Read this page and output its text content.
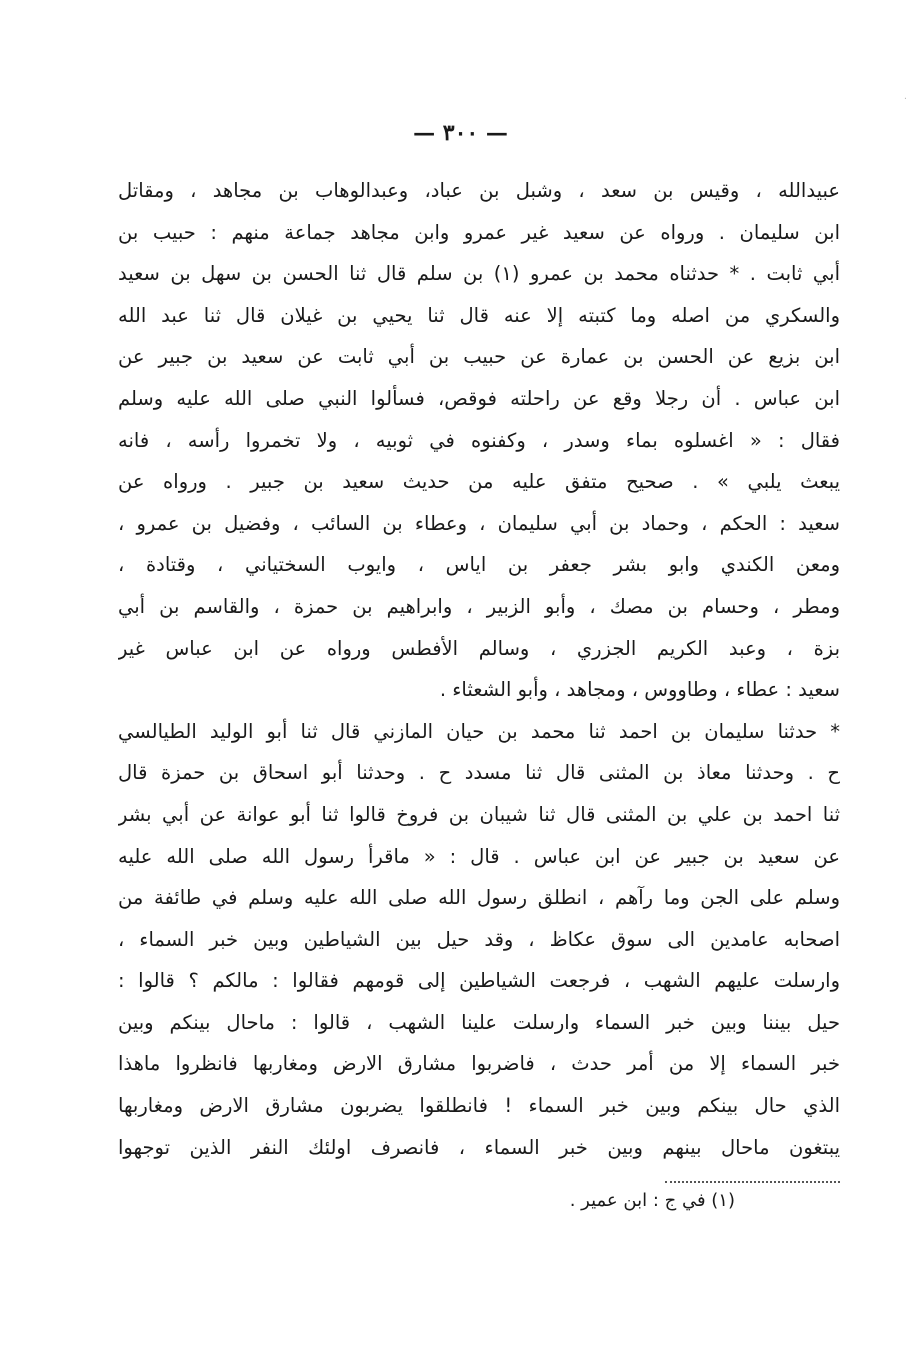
·
— ٣٠٠ —
عبيدالله ، وقيس بن سعد ، وشبل بن عباد، وعبدالوهاب بن مجاهد ، ومقاتل
ابن سليمان . ورواه عن سعيد غير عمرو وابن مجاهد جماعة منهم : حبيب بن
أبي ثابت . * حدثناه محمد بن عمرو (١) بن سلم قال ثنا الحسن بن سهل بن سعيد
والسكري من اصله وما كتبته إلا عنه قال ثنا يحيي بن غيلان قال ثنا عبد الله
ابن بزيع عن الحسن بن عمارة عن حبيب بن أبي ثابت عن سعيد بن جبير عن
ابن عباس . أن رجلا وقع عن راحلته فوقص، فسألوا النبي صلى الله عليه وسلم
فقال : « اغسلوه بماء وسدر ، وكفنوه في ثوبيه ، ولا تخمروا رأسه ، فانه
يبعث يلبي » . صحيح متفق عليه من حديث سعيد بن جبير . ورواه عن
سعيد : الحكم ، وحماد بن أبي سليمان ، وعطاء بن السائب ، وفضيل بن عمرو ،
ومعن الكندي وابو بشر جعفر بن اياس ، وايوب السختياني ، وقتادة ،
ومطر ، وحسام بن مصك ، وأبو الزبير ، وابراهيم بن حمزة ، والقاسم بن أبي
بزة ، وعبد الكريم الجزري ، وسالم الأفطس ورواه عن ابن عباس غير
سعيد : عطاء ، وطاووس ، ومجاهد ، وأبو الشعثاء .
* حدثنا سليمان بن احمد ثنا محمد بن حيان المازني قال ثنا أبو الوليد الطيالسي
ح . وحدثنا معاذ بن المثنى قال ثنا مسدد ح . وحدثنا أبو اسحاق بن حمزة قال
ثنا احمد بن علي بن المثنى قال ثنا شيبان بن فروخ قالوا ثنا أبو عوانة عن أبي بشر
عن سعيد بن جبير عن ابن عباس . قال : « ماقرأ رسول الله صلى الله عليه
وسلم على الجن وما رآهم ، انطلق رسول الله صلى الله عليه وسلم في طائفة من
اصحابه عامدين الى سوق عكاظ ، وقد حيل بين الشياطين وبين خبر السماء ،
وارسلت عليهم الشهب ، فرجعت الشياطين إلى قومهم فقالوا : مالكم ؟ قالوا :
حيل بيننا وبين خبر السماء وارسلت علينا الشهب ، قالوا : ماحال بينكم وبين
خبر السماء إلا من أمر حدث ، فاضربوا مشارق الارض ومغاربها فانظروا ماهذا
الذي حال بينكم وبين خبر السماء ! فانطلقوا يضربون مشارق الارض ومغاربها
يبتغون ماحال بينهم وبين خبر السماء ، فانصرف اولئك النفر الذين توجهوا
(١) في ج : ابن عمير .
